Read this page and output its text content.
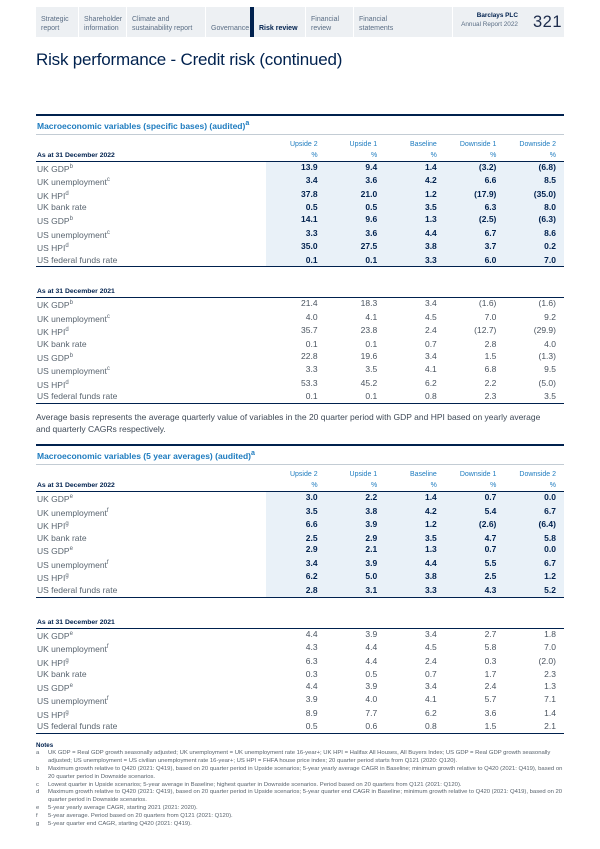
Strategic report
Shareholder information
Climate and sustainability report	Governance Risk review
Financial review
Financial statements
Barclays PLC
Annual Report 2022 321
Risk performance - Credit risk (continued)
Macroeconomic variables (specific bases) (audited)$^a$
Upside 2	Upside 1	Baseline	Downside 1	Downside 2
As at 31 December 2022	%	%	%	%	%
UK GDP$^b$	13.9	9.4	1.4	(3.2)	(6.8)
UK unemployment$^c$	3.4	3.6	4.2	6.6	8.5
UK HPI$^d$	37.8	21.0	1.2	(17.9)	(35.0)
UK bank rate	0.5	0.5	3.5	6.3	8.0
US GDP$^b$	14.1	9.6	1.3	(2.5)	(6.3)
US unemployment$^c$	3.3	3.6	4.4	6.7	8.6
US HPI$^d$	35.0	27.5	3.8	3.7	0.2
US federal funds rate	0.1	0.1	3.3	6.0	7.0
As at 31 December 2021
UK GDP$^b$	21.4	18.3	3.4	(1.6)	(1.6)
UK unemployment$^c$	4.0	4.1	4.5	7.0	9.2
UK HPI$^d$	35.7	23.8	2.4	(12.7)	(29.9)
UK bank rate	0.1	0.1	0.7	2.8	4.0
US GDP$^b$	22.8	19.6	3.4	1.5	(1.3)
US unemployment$^c$	3.3	3.5	4.1	6.8	9.5
US HPI$^d$	53.3	45.2	6.2	2.2	(5.0)
US federal funds rate	0.1	0.1	0.8	2.3	3.5
Average basis represents the average quarterly value of variables in the 20 quarter period with GDP and HPI based on yearly average and quarterly CAGRs respectively.
Macroeconomic variables (5 year averages) (audited)$^a$
Upside 2	Upside 1	Baseline	Downside 1	Downside 2
As at 31 December 2022	%	%	%	%	%
UK GDP$^e$	3.0	2.2	1.4	0.7	0.0
UK unemployment$^f$	3.5	3.8	4.2	5.4	6.7
UK HPI$^g$	6.6	3.9	1.2	(2.6)	(6.4)
UK bank rate	2.5	2.9	3.5	4.7	5.8
US GDP$^e$	2.9	2.1	1.3	0.7	0.0
US unemployment$^f$	3.4	3.9	4.4	5.5	6.7
US HPI$^g$	6.2	5.0	3.8	2.5	1.2
US federal funds rate	2.8	3.1	3.3	4.3	5.2
As at 31 December 2021
UK GDP$^e$	4.4	3.9	3.4	2.7	1.8
UK unemployment$^f$	4.3	4.4	4.5	5.8	7.0
UK HPI$^g$	6.3	4.4	2.4	0.3	(2.0)
UK bank rate	0.3	0.5	0.7	1.7	2.3
US GDP$^e$	4.4	3.9	3.4	2.4	1.3
US unemployment$^f$	3.9	4.0	4.1	5.7	7.1
US HPI$^g$	8.9	7.7	6.2	3.6	1.4
US federal funds rate	0.5	0.6	0.8	1.5	2.1
Notes
a	UK GDP = Real GDP growth seasonally adjusted; UK unemployment = UK unemployment rate 16-year+; UK HPI = Halifax All Houses, All Buyers Index; US GDP = Real GDP growth seasonally adjusted; US unemployment = US civilian unemployment rate 16-year+; US HPI = FHFA house price index; 20 quarter period starts from Q121 (2020: Q120).
b	Maximum growth relative to Q420 (2021: Q419), based on 20 quarter period in Upside scenarios; 5-year yearly average CAGR in Baseline; minimum growth relative to Q420 (2021: Q419), based on 20 quarter period in Downside scenarios.
c	Lowest quarter in Upside scenarios; 5-year average in Baseline; highest quarter in Downside scenarios. Period based on 20 quarters from Q121 (2021: Q120).
d	Maximum growth relative to Q420 (2021: Q419), based on 20 quarter period in Upside scenarios; 5-year quarter end CAGR in Baseline; minimum growth relative to Q420 (2021: Q419), based on 20 quarter period in Downside scenarios.
e	5-year yearly average CAGR, starting 2021 (2021: 2020).
f	5-year average. Period based on 20 quarters from Q121 (2021: Q120).
g	5-year quarter end CAGR, starting Q420 (2021: Q419).
